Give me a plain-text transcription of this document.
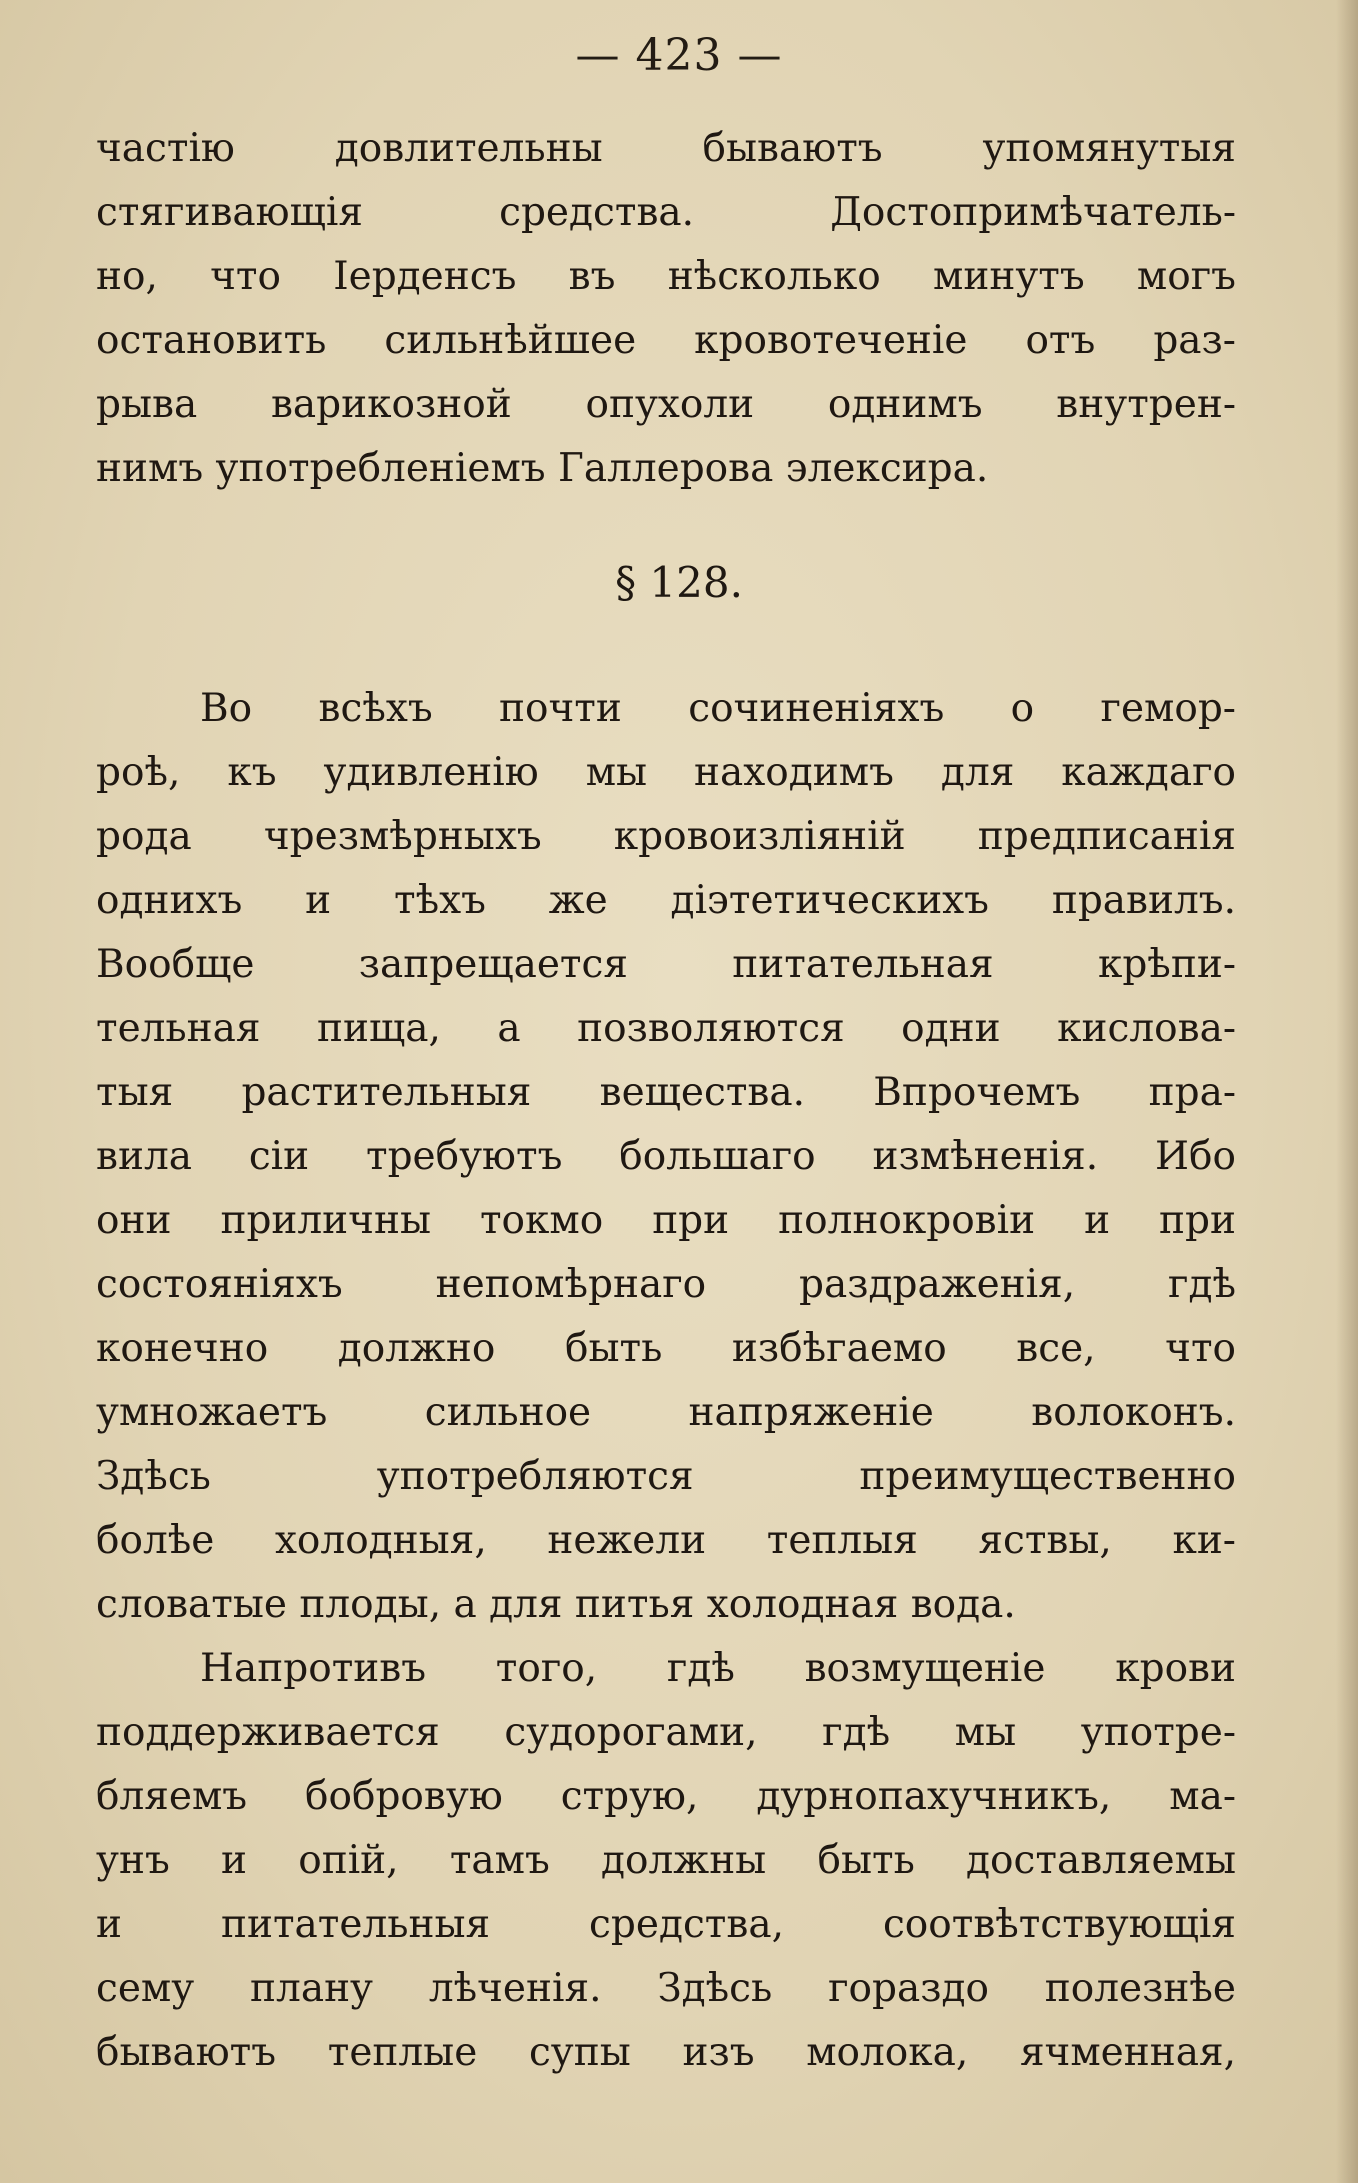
— 423 —
частію довлительны бываютъ упомянутыя
стягивающія средства. Достопримѣчатель-
но, что Іерденсъ въ нѣсколько минутъ могъ
остановить сильнѣйшее кровотеченіе отъ раз-
рыва варикозной опухоли однимъ внутрен-
нимъ употребленіемъ Галлерова элексира.
§ 128.
Во всѣхъ почти сочиненіяхъ о гемор-
роѣ, къ удивленію мы находимъ для каждаго
рода чрезмѣрныхъ кровоизліяній предписанія
однихъ и тѣхъ же діэтетическихъ правилъ.
Вообще запрещается питательная крѣпи-
тельная пища, а позволяются одни кислова-
тыя растительныя вещества. Впрочемъ пра-
вила сіи требуютъ большаго измѣненія. Ибо
они приличны токмо при полнокровіи и при
состояніяхъ непомѣрнаго раздраженія, гдѣ
конечно должно быть избѣгаемо все, что
умножаетъ сильное напряженіе волоконъ.
Здѣсь употребляются преимущественно
болѣе холодныя, нежели теплыя яствы, ки-
словатые плоды, а для питья холодная вода.
Напротивъ того, гдѣ возмущеніе крови
поддерживается судорогами, гдѣ мы употре-
бляемъ бобровую струю, дурнопахучникъ, ма-
унъ и опій, тамъ должны быть доставляемы
и питательныя средства, соотвѣтствующія
сему плану лѣченія. Здѣсь гораздо полезнѣе
бываютъ теплые супы изъ молока, ячменная,
